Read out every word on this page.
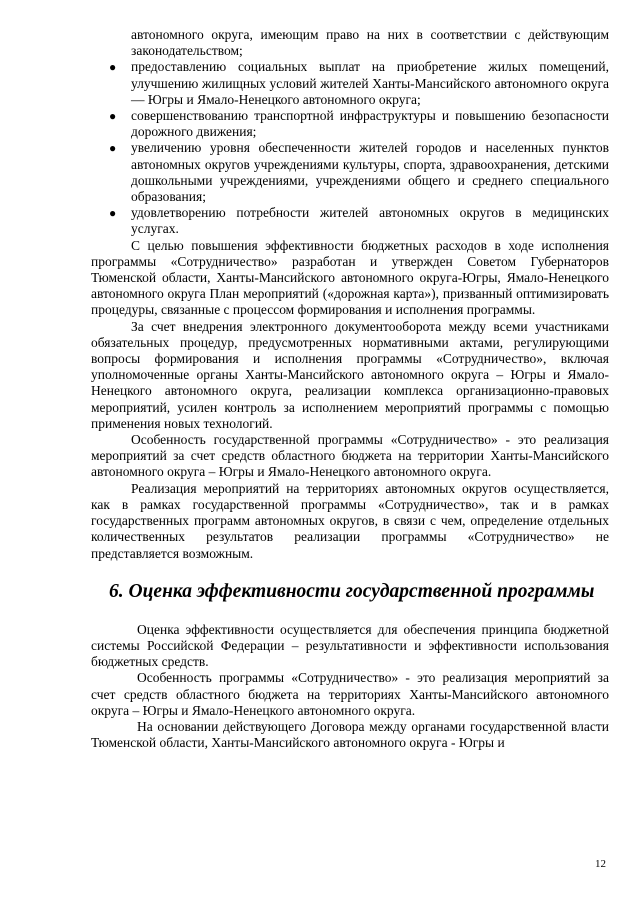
автономного округа, имеющим право на них в соответствии с действующим законодательством;

● предоставлению социальных выплат на приобретение жилых помещений, улучшению жилищных условий жителей Ханты-Мансийского автономного округа — Югры и Ямало-Ненецкого автономного округа;
● совершенствованию транспортной инфраструктуры и повышению безопасности дорожного движения;
● увеличению уровня обеспеченности жителей городов и населенных пунктов автономных округов учреждениями культуры, спорта, здравоохранения, детскими дошкольными учреждениями, учреждениями общего и среднего специального образования;
● удовлетворению потребности жителей автономных округов в медицинских услугах.

С целью повышения эффективности бюджетных расходов в ходе исполнения программы «Сотрудничество» разработан и утвержден Советом Губернаторов Тюменской области, Ханты-Мансийского автономного округа-Югры, Ямало-Ненецкого автономного округа План мероприятий («дорожная карта»), призванный оптимизировать процедуры, связанные с процессом формирования и исполнения программы.

За счет внедрения электронного документооборота между всеми участниками обязательных процедур, предусмотренных нормативными актами, регулирующими вопросы формирования и исполнения программы «Сотрудничество», включая уполномоченные органы Ханты-Мансийского автономного округа – Югры и Ямало-Ненецкого автономного округа, реализации комплекса организационно-правовых мероприятий, усилен контроль за исполнением мероприятий программы с помощью применения новых технологий.

Особенность государственной программы «Сотрудничество» - это реализация мероприятий за счет средств областного бюджета на территории Ханты-Мансийского автономного округа – Югры и Ямало-Ненецкого автономного округа.

Реализация мероприятий на территориях автономных округов осуществляется, как в рамках государственной программы «Сотрудничество», так и в рамках государственных программ автономных округов, в связи с чем, определение отдельных количественных результатов реализации программы «Сотрудничество» не представляется возможным.

6. Оценка эффективности государственной программы

Оценка эффективности осуществляется для обеспечения принципа бюджетной системы Российской Федерации – результативности и эффективности использования бюджетных средств.

Особенность программы «Сотрудничество» - это реализация мероприятий за счет средств областного бюджета на территориях Ханты-Мансийского автономного округа – Югры и Ямало-Ненецкого автономного округа.

На основании действующего Договора между органами государственной власти Тюменской области, Ханты-Мансийского автономного округа - Югры и

12
